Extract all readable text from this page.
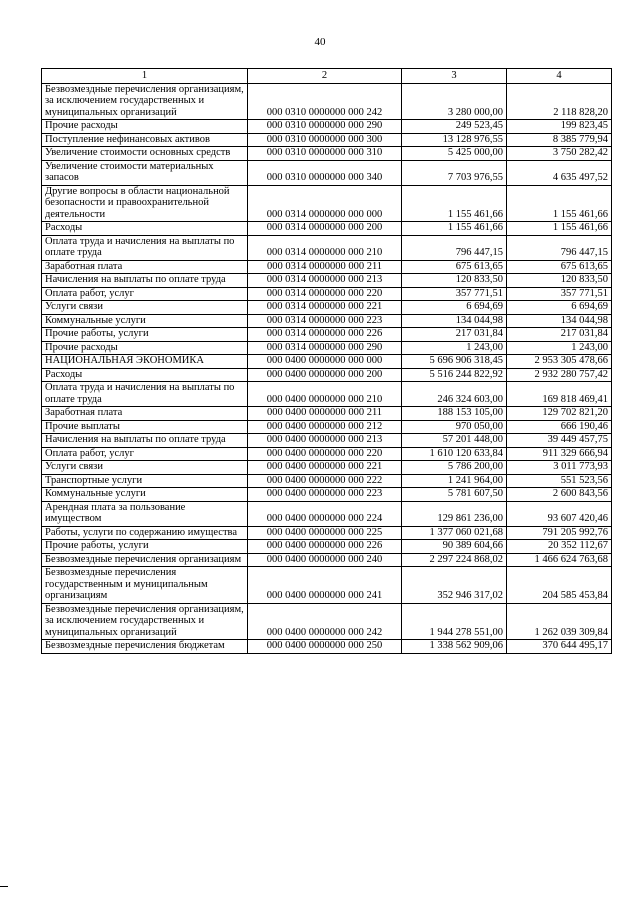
40
1	2	3	4
Безвозмездные перечисления организациям, за исключением государственных и муниципальных организаций	000 0310 0000000 000 242	3 280 000,00	2 118 828,20
Прочие расходы	000 0310 0000000 000 290	249 523,45	199 823,45
Поступление нефинансовых активов	000 0310 0000000 000 300	13 128 976,55	8 385 779,94
Увеличение стоимости основных средств	000 0310 0000000 000 310	5 425 000,00	3 750 282,42
Увеличение стоимости материальных запасов	000 0310 0000000 000 340	7 703 976,55	4 635 497,52
Другие вопросы в области национальной безопасности и правоохранительной деятельности	000 0314 0000000 000 000	1 155 461,66	1 155 461,66
Расходы	000 0314 0000000 000 200	1 155 461,66	1 155 461,66
Оплата труда и начисления на выплаты по оплате труда	000 0314 0000000 000 210	796 447,15	796 447,15
Заработная плата	000 0314 0000000 000 211	675 613,65	675 613,65
Начисления на выплаты по оплате труда	000 0314 0000000 000 213	120 833,50	120 833,50
Оплата работ, услуг	000 0314 0000000 000 220	357 771,51	357 771,51
Услуги связи	000 0314 0000000 000 221	6 694,69	6 694,69
Коммунальные услуги	000 0314 0000000 000 223	134 044,98	134 044,98
Прочие работы, услуги	000 0314 0000000 000 226	217 031,84	217 031,84
Прочие расходы	000 0314 0000000 000 290	1 243,00	1 243,00
НАЦИОНАЛЬНАЯ ЭКОНОМИКА	000 0400 0000000 000 000	5 696 906 318,45	2 953 305 478,66
Расходы	000 0400 0000000 000 200	5 516 244 822,92	2 932 280 757,42
Оплата труда и начисления на выплаты по оплате труда	000 0400 0000000 000 210	246 324 603,00	169 818 469,41
Заработная плата	000 0400 0000000 000 211	188 153 105,00	129 702 821,20
Прочие выплаты	000 0400 0000000 000 212	970 050,00	666 190,46
Начисления на выплаты по оплате труда	000 0400 0000000 000 213	57 201 448,00	39 449 457,75
Оплата работ, услуг	000 0400 0000000 000 220	1 610 120 633,84	911 329 666,94
Услуги связи	000 0400 0000000 000 221	5 786 200,00	3 011 773,93
Транспортные услуги	000 0400 0000000 000 222	1 241 964,00	551 523,56
Коммунальные услуги	000 0400 0000000 000 223	5 781 607,50	2 600 843,56
Арендная плата за пользование имуществом	000 0400 0000000 000 224	129 861 236,00	93 607 420,46
Работы, услуги по содержанию имущества	000 0400 0000000 000 225	1 377 060 021,68	791 205 992,76
Прочие работы, услуги	000 0400 0000000 000 226	90 389 604,66	20 352 112,67
Безвозмездные перечисления организациям	000 0400 0000000 000 240	2 297 224 868,02	1 466 624 763,68
Безвозмездные перечисления государственным и муниципальным организациям	000 0400 0000000 000 241	352 946 317,02	204 585 453,84
Безвозмездные перечисления организациям, за исключением государственных и муниципальных организаций	000 0400 0000000 000 242	1 944 278 551,00	1 262 039 309,84
Безвозмездные перечисления бюджетам	000 0400 0000000 000 250	1 338 562 909,06	370 644 495,17
